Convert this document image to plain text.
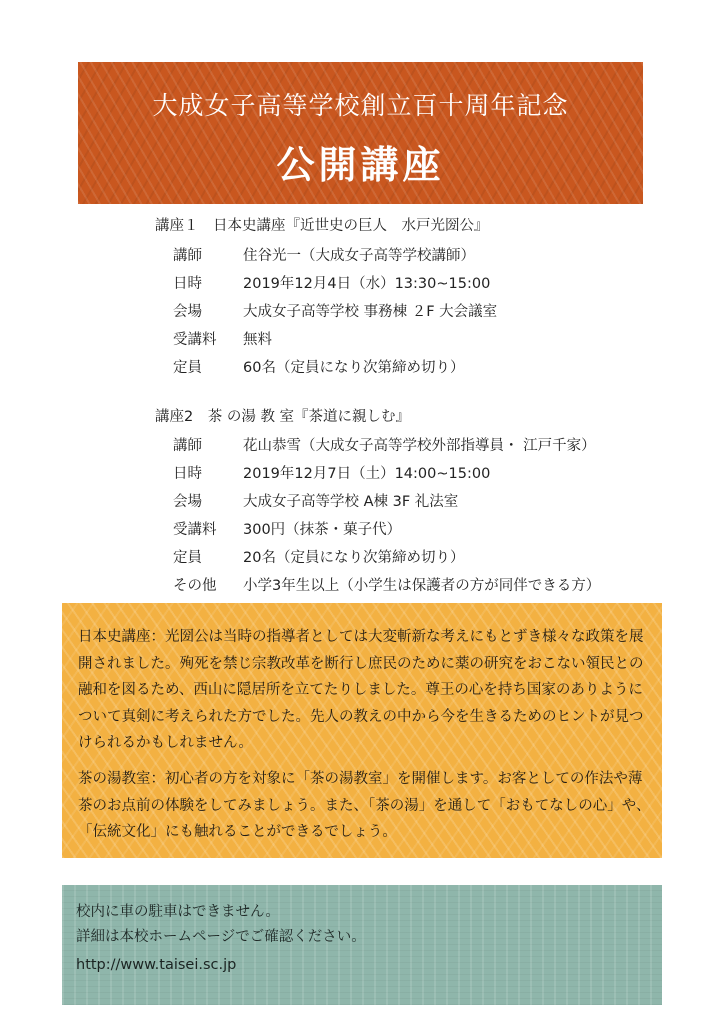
大成女子高等学校創立百十周年記念
公開講座
講座１　日本史講座『近世史の巨人　水戸光圀公』
講師	住谷光一（大成女子高等学校講師）
日時	2019年12月4日（水）13:30~15:00
会場	大成女子高等学校 事務棟 ２F 大会議室
受講料 無料
定員	60名（定員になり次第締め切り）
講座2　茶 の湯 教 室『茶道に親しむ』
講師	花山恭雪（大成女子高等学校外部指導員・ 江戸千家）
日時	2019年12月7日（土）14:00~15:00
会場	大成女子高等学校 A棟 3F 礼法室
受講料 300円（抹茶・菓子代）
定員	20名（定員になり次第締め切り）
その他 小学3年生以上（小学生は保護者の方が同伴できる方）

日本史講座：光圀公は当時の指導者としては大変斬新な考えにもとずき様々な政策を展開されました。殉死を禁じ宗教改革を断行し庶民のために薬の研究をおこない領民との融和を図るため、西山に隠居所を立てたりしました。尊王の心を持ち国家のありようについて真剣に考えられた方でした。先人の教えの中から今を生きるためのヒントが見つけられるかもしれません。

茶の湯教室：初心者の方を対象に「茶の湯教室」を開催します。お客としての作法や薄茶のお点前の体験をしてみましょう。また、「茶の湯」を通して「おもてなしの心」や、「伝統文化」にも触れることができるでしょう。

校内に車の駐車はできません。
詳細は本校ホームページでご確認ください。
http://www.taisei.sc.jp
